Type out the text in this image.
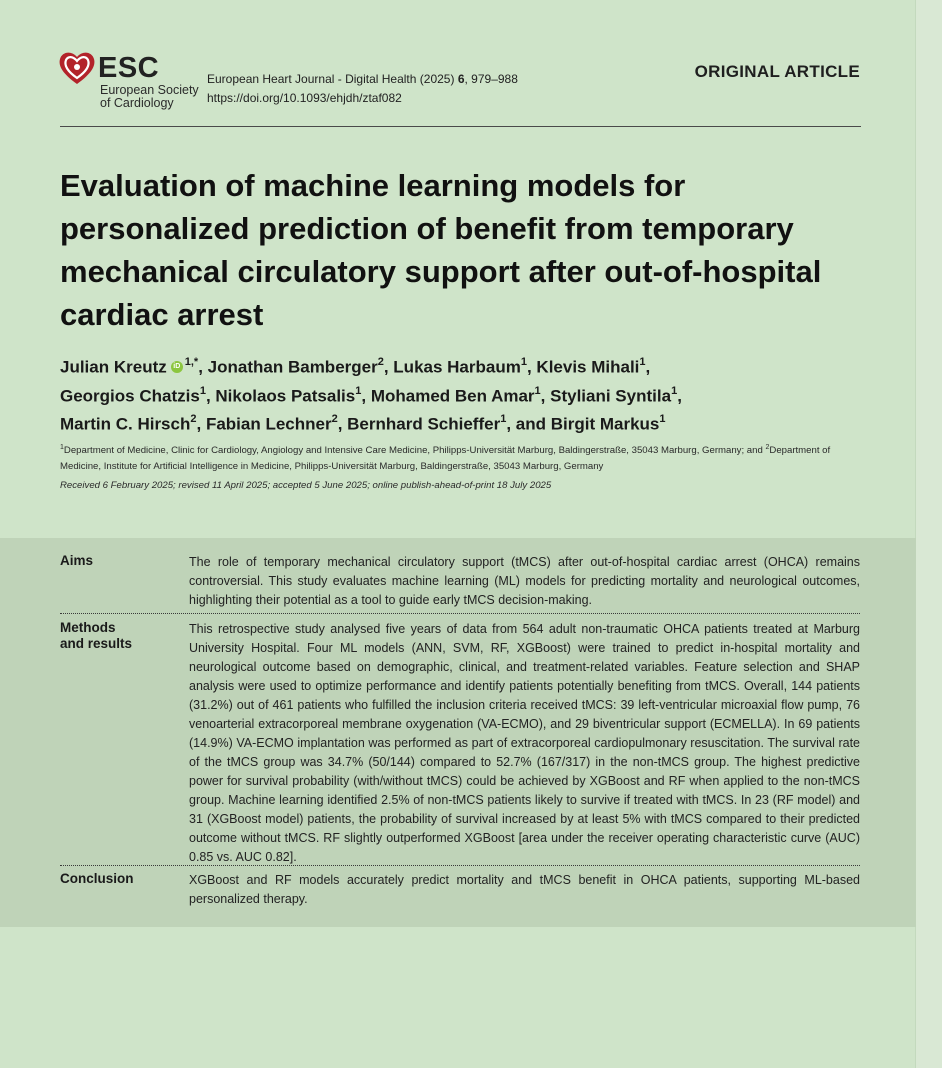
ESC
European Society
of Cardiology
European Heart Journal - Digital Health (2025) 6, 979–988
https://doi.org/10.1093/ehjdh/ztaf082
ORIGINAL ARTICLE
Evaluation of machine learning models for personalized prediction of benefit from temporary mechanical circulatory support after out-of-hospital cardiac arrest
Julian Kreutz iD $^{1,*}$, Jonathan Bamberger$^2$, Lukas Harbaum$^1$, Klevis Mihali$^1$,
Georgios Chatzis$^1$, Nikolaos Patsalis$^1$, Mohamed Ben Amar$^1$, Styliani Syntila$^1$,
Martin C. Hirsch$^2$, Fabian Lechner$^2$, Bernhard Schieffer$^1$, and Birgit Markus$^1$
$^1$Department of Medicine, Clinic for Cardiology, Angiology and Intensive Care Medicine, Philipps-Universität Marburg, Baldingerstraße, 35043 Marburg, Germany; and $^2$Department of Medicine, Institute for Artificial Intelligence in Medicine, Philipps-Universität Marburg, Baldingerstraße, 35043 Marburg, Germany
Received 6 February 2025; revised 11 April 2025; accepted 5 June 2025; online publish-ahead-of-print 18 July 2025
Aims	The role of temporary mechanical circulatory support (tMCS) after out-of-hospital cardiac arrest (OHCA) remains controversial. This study evaluates machine learning (ML) models for predicting mortality and neurological outcomes, highlighting their potential as a tool to guide early tMCS decision-making.
Methods
and results
This retrospective study analysed five years of data from 564 adult non-traumatic OHCA patients treated at Marburg University Hospital. Four ML models (ANN, SVM, RF, XGBoost) were trained to predict in-hospital mortality and neurological outcome based on demographic, clinical, and treatment-related variables. Feature selection and SHAP analysis were used to optimize performance and identify patients potentially benefiting from tMCS. Overall, 144 patients (31.2%) out of 461 patients who fulfilled the inclusion criteria received tMCS: 39 left-ventricular microaxial flow pump, 76 venoarterial extracorporeal membrane oxygenation (VA-ECMO), and 29 biventricular support (ECMELLA). In 69 patients (14.9%) VA-ECMO implantation was performed as part of extracorporeal cardiopulmonary resuscitation. The survival rate of the tMCS group was 34.7% (50/144) compared to 52.7% (167/317) in the non-tMCS group. The highest predictive power for survival probability (with/without tMCS) could be achieved by XGBoost and RF when applied to the non-tMCS group. Machine learning identified 2.5% of non-tMCS patients likely to survive if treated with tMCS. In 23 (RF model) and 31 (XGBoost model) patients, the probability of survival increased by at least 5% with tMCS compared to their predicted outcome without tMCS. RF slightly outperformed XGBoost [area under the receiver operating characteristic curve (AUC) 0.85 vs. AUC 0.82].
Conclusion	XGBoost and RF models accurately predict mortality and tMCS benefit in OHCA patients, supporting ML-based personalized therapy.
